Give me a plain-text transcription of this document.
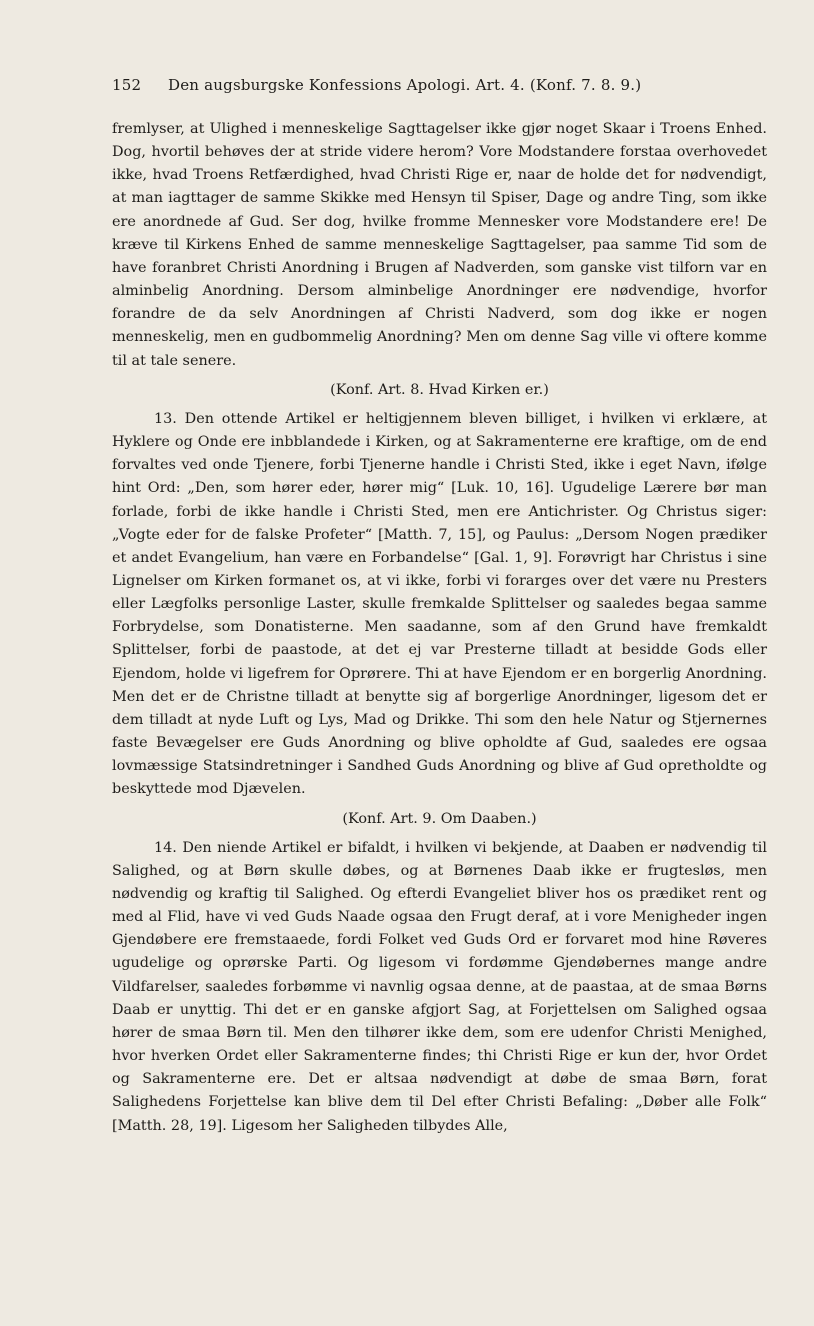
152	Den augsburgske Konfessions Apologi. Art. 4. (Konf. 7. 8. 9.)

fremlyser, at Ulighed i menneskelige Sagttagelser ikke gjør noget Skaar i Troens Enhed. Dog, hvortil behøves der at stride videre herom? Vore Modstandere forstaa overhovedet ikke, hvad Troens Retfærdighed, hvad Christi Rige er, naar de holde det for nødvendigt, at man iagttager de samme Skikke med Hensyn til Spiser, Dage og andre Ting, som ikke ere anordnede af Gud. Ser dog, hvilke fromme Mennesker vore Modstandere ere! De kræve til Kirkens Enhed de samme menneskelige Sagttagelser, paa samme Tid som de have foranbret Christi Anordning i Brugen af Nadverden, som ganske vist tilforn var en alminbelig Anordning. Dersom alminbelige Anordninger ere nødvendige, hvorfor forandre de da selv Anordningen af Christi Nadverd, som dog ikke er nogen menneskelig, men en gudbommelig Anordning? Men om denne Sag ville vi oftere komme til at tale senere.

(Konf. Art. 8. Hvad Kirken er.)

13. Den ottende Artikel er heltigjennem bleven billiget, i hvilken vi erklære, at Hyklere og Onde ere inbblandede i Kirken, og at Sakramenterne ere kraftige, om de end forvaltes ved onde Tjenere, forbi Tjenerne handle i Christi Sted, ikke i eget Navn, ifølge hint Ord: „Den, som hører eder, hører mig“ [Luk. 10, 16]. Ugudelige Lærere bør man forlade, forbi de ikke handle i Christi Sted, men ere Antichrister. Og Christus siger: „Vogte eder for de falske Profeter“ [Matth. 7, 15], og Paulus: „Dersom Nogen prædiker et andet Evangelium, han være en Forbandelse“ [Gal. 1, 9]. Forøvrigt har Christus i sine Lignelser om Kirken formanet os, at vi ikke, forbi vi forarges over det være nu Presters eller Lægfolks personlige Laster, skulle fremkalde Splittelser og saaledes begaa samme Forbrydelse, som Donatisterne. Men saadanne, som af den Grund have fremkaldt Splittelser, forbi de paastode, at det ej var Presterne tilladt at besidde Gods eller Ejendom, holde vi ligefrem for Oprørere. Thi at have Ejendom er en borgerlig Anordning. Men det er de Christne tilladt at benytte sig af borgerlige Anordninger, ligesom det er dem tilladt at nyde Luft og Lys, Mad og Drikke. Thi som den hele Natur og Stjernernes faste Bevægelser ere Guds Anordning og blive opholdte af Gud, saaledes ere ogsaa lovmæssige Statsindretninger i Sandhed Guds Anordning og blive af Gud opretholdte og beskyttede mod Djævelen.

(Konf. Art. 9. Om Daaben.)

14. Den niende Artikel er bifaldt, i hvilken vi bekjende, at Daaben er nødvendig til Salighed, og at Børn skulle døbes, og at Børnenes Daab ikke er frugtesløs, men nødvendig og kraftig til Salighed. Og efterdi Evangeliet bliver hos os prædiket rent og med al Flid, have vi ved Guds Naade ogsaa den Frugt deraf, at i vore Menigheder ingen Gjendøbere ere fremstaaede, fordi Folket ved Guds Ord er forvaret mod hine Røveres ugudelige og oprørske Parti. Og ligesom vi fordømme Gjendøbernes mange andre Vildfarelser, saaledes forbømme vi navnlig ogsaa denne, at de paastaa, at de smaa Børns Daab er unyttig. Thi det er en ganske afgjort Sag, at Forjettelsen om Salighed ogsaa hører de smaa Børn til. Men den tilhører ikke dem, som ere udenfor Christi Menighed, hvor hverken Ordet eller Sakramenterne findes; thi Christi Rige er kun der, hvor Ordet og Sakramenterne ere. Det er altsaa nødvendigt at døbe de smaa Børn, forat Salighedens Forjettelse kan blive dem til Del efter Christi Befaling: „Døber alle Folk“ [Matth. 28, 19]. Ligesom her Saligheden tilbydes Alle,
